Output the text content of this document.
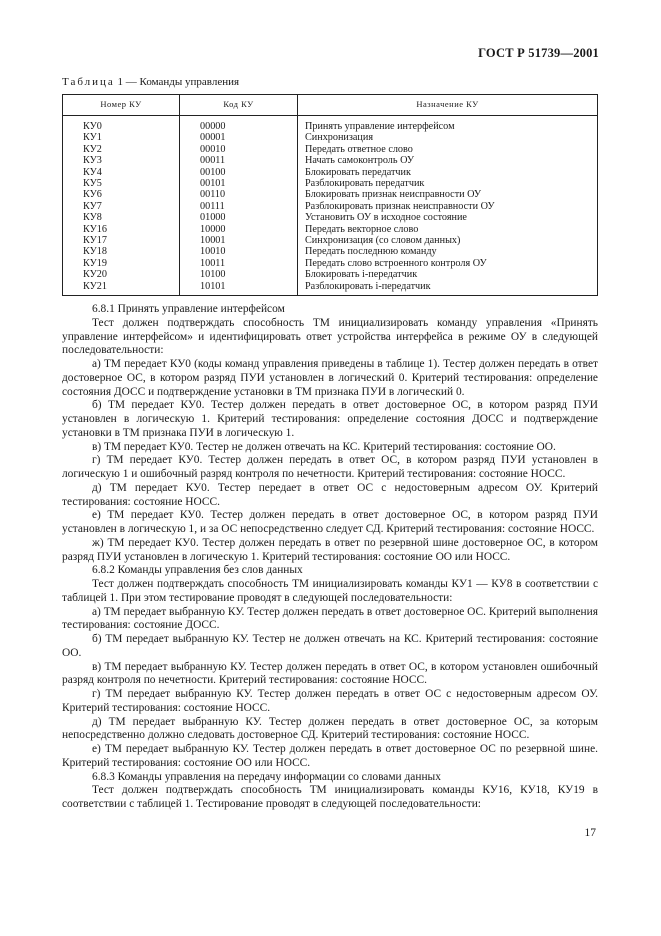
ГОСТ Р 51739—2001
Таблица 1 — Команды управления
Номер КУ	Код КУ	Назначение КУ
КУ0	00000	Принять управление интерфейсом
КУ1	00001	Синхронизация
КУ2	00010	Передать ответное слово
КУ3	00011	Начать самоконтроль ОУ
КУ4	00100	Блокировать передатчик
КУ5	00101	Разблокировать передатчик
КУ6	00110	Блокировать признак неисправности ОУ
КУ7	00111	Разблокировать признак неисправности ОУ
КУ8	01000	Установить ОУ в исходное состояние
КУ16	10000	Передать векторное слово
КУ17	10001	Синхронизация (со словом данных)
КУ18	10010	Передать последнюю команду
КУ19	10011	Передать слово встроенного контроля ОУ
КУ20	10100	Блокировать i-передатчик
КУ21	10101	Разблокировать i-передатчик

6.8.1 Принять управление интерфейсом

Тест должен подтверждать способность ТМ инициализировать команду управления «Принять управление интерфейсом» и идентифицировать ответ устройства интерфейса в режиме ОУ в следующей последовательности:

а) ТМ передает КУ0 (коды команд управления приведены в таблице 1). Тестер должен передать в ответ достоверное ОС, в котором разряд ПУИ установлен в логический 0. Критерий тестирования: определение состояния ДОСС и подтверждение установки в ТМ признака ПУИ в логический 0.

б) ТМ передает КУ0. Тестер должен передать в ответ достоверное ОС, в котором разряд ПУИ установлен в логическую 1. Критерий тестирования: определение состояния ДОСС и подтверждение установки в ТМ признака ПУИ в логическую 1.

в) ТМ передает КУ0. Тестер не должен отвечать на КС. Критерий тестирования: состояние ОО.

г) ТМ передает КУ0. Тестер должен передать в ответ ОС, в котором разряд ПУИ установлен в логическую 1 и ошибочный разряд контроля по нечетности. Критерий тестирования: состояние НОСС.

д) ТМ передает КУ0. Тестер передает в ответ ОС с недостоверным адресом ОУ. Критерий тестирования: состояние НОСС.

е) ТМ передает КУ0. Тестер должен передать в ответ достоверное ОС, в котором разряд ПУИ установлен в логическую 1, и за ОС непосредственно следует СД. Критерий тестирования: состояние НОСС.

ж) ТМ передает КУ0. Тестер должен передать в ответ по резервной шине достоверное ОС, в котором разряд ПУИ установлен в логическую 1. Критерий тестирования: состояние ОО или НОСС.

6.8.2 Команды управления без слов данных

Тест должен подтверждать способность ТМ инициализировать команды КУ1 — КУ8 в соответствии с таблицей 1. При этом тестирование проводят в следующей последовательности:

а) ТМ передает выбранную КУ. Тестер должен передать в ответ достоверное ОС. Критерий выполнения тестирования: состояние ДОСС.

б) ТМ передает выбранную КУ. Тестер не должен отвечать на КС. Критерий тестирования: состояние ОО.

в) ТМ передает выбранную КУ. Тестер должен передать в ответ ОС, в котором установлен ошибочный разряд контроля по нечетности. Критерий тестирования: состояние НОСС.

г) ТМ передает выбранную КУ. Тестер должен передать в ответ ОС с недостоверным адресом ОУ. Критерий тестирования: состояние НОСС.

д) ТМ передает выбранную КУ. Тестер должен передать в ответ достоверное ОС, за которым непосредственно должно следовать достоверное СД. Критерий тестирования: состояние НОСС.

е) ТМ передает выбранную КУ. Тестер должен передать в ответ достоверное ОС по резервной шине. Критерий тестирования: состояние ОО или НОСС.

6.8.3 Команды управления на передачу информации со словами данных

Тест должен подтверждать способность ТМ инициализировать команды КУ16, КУ18, КУ19 в соответствии с таблицей 1. Тестирование проводят в следующей последовательности:

17
